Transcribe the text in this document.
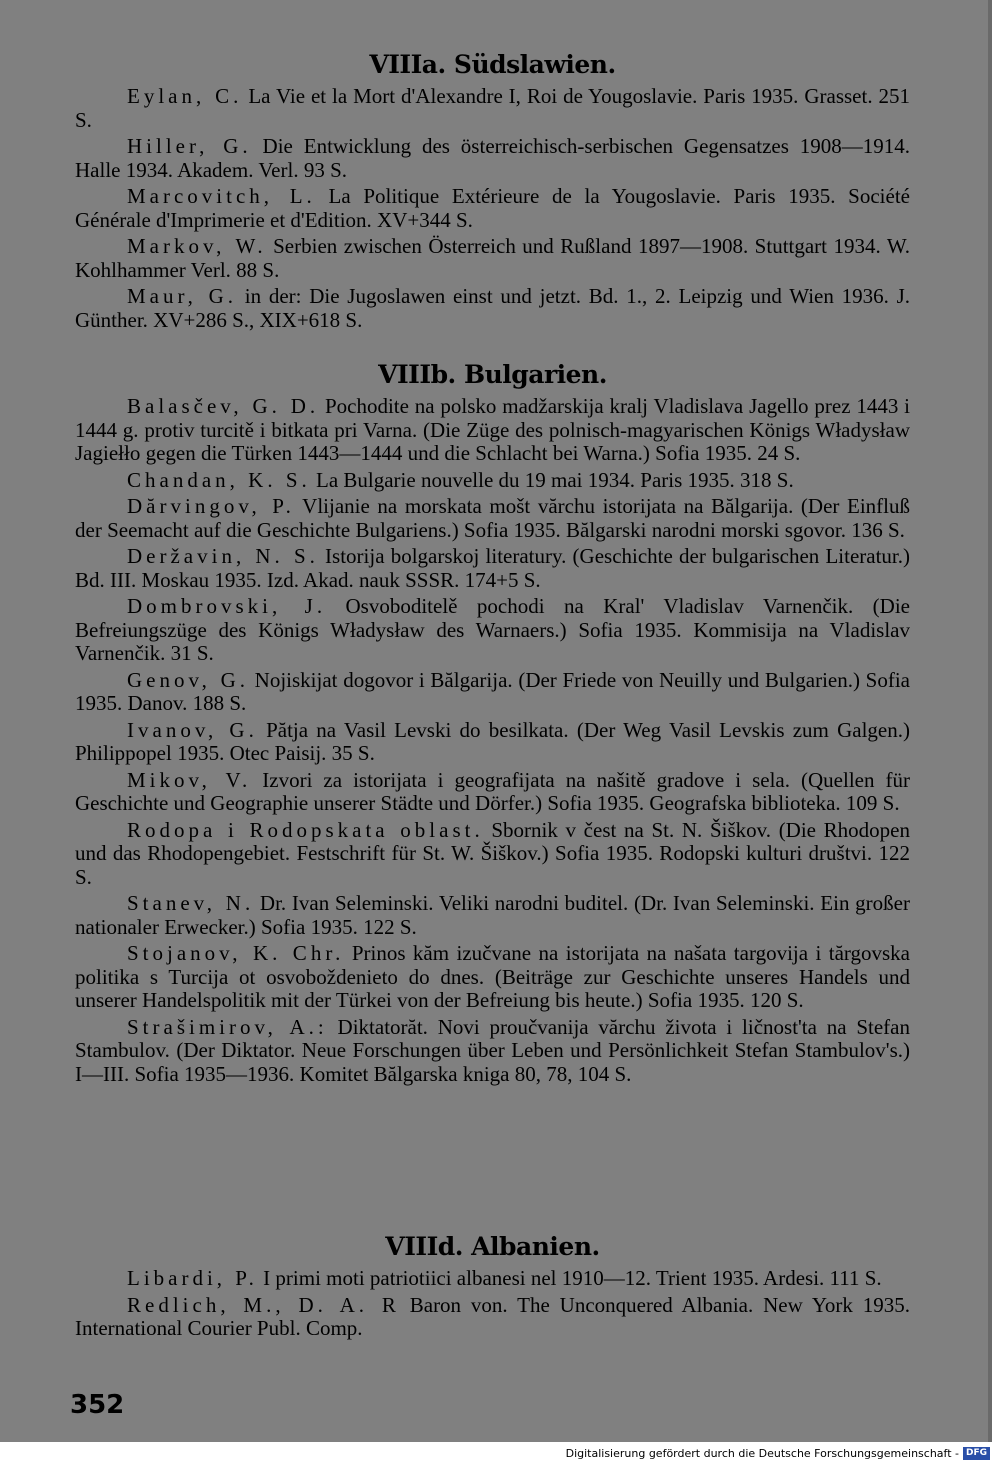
VIIIa. Südslawien.

Eylan, C. La Vie et la Mort d'Alexandre I, Roi de Yougoslavie. Paris 1935. Grasset. 251 S.

Hiller, G. Die Entwicklung des österreichisch-serbischen Gegensatzes 1908—1914. Halle 1934. Akadem. Verl. 93 S.

Marcovitch, L. La Politique Extérieure de la Yougoslavie. Paris 1935. Société Générale d'Imprimerie et d'Edition. XV+344 S.

Markov, W. Serbien zwischen Österreich und Rußland 1897—1908. Stuttgart 1934. W. Kohlhammer Verl. 88 S.

Maur, G. in der: Die Jugoslawen einst und jetzt. Bd. 1., 2. Leipzig und Wien 1936. J. Günther. XV+286 S., XIX+618 S.

VIIIb. Bulgarien.

Balasčev, G. D. Pochodite na polsko madžarskija kralj Vladislava Jagello prez 1443 i 1444 g. protiv turcitě i bitkata pri Varna. (Die Züge des polnisch-magyarischen Königs Władysław Jagiełło gegen die Türken 1443—1444 und die Schlacht bei Warna.) Sofia 1935. 24 S.

Chandan, K. S. La Bulgarie nouvelle du 19 mai 1934. Paris 1935. 318 S.

Dărvingov, P. Vlijanie na morskata mošt vărchu istorijata na Bălgarija. (Der Einfluß der Seemacht auf die Geschichte Bulgariens.) Sofia 1935. Bălgarski narodni morski sgovor. 136 S.

Deržavin, N. S. Istorija bolgarskoj literatury. (Geschichte der bulgarischen Literatur.) Bd. III. Moskau 1935. Izd. Akad. nauk SSSR. 174+5 S.

Dombrovski, J. Osvoboditelě pochodi na Kral' Vladislav Varnenčik. (Die Befreiungszüge des Königs Władysław des Warnaers.) Sofia 1935. Kommisija na Vladislav Varnenčik. 31 S.

Genov, G. Nojiskijat dogovor i Bălgarija. (Der Friede von Neuilly und Bulgarien.) Sofia 1935. Danov. 188 S.

Ivanov, G. Pătja na Vasil Levski do besilkata. (Der Weg Vasil Levskis zum Galgen.) Philippopel 1935. Otec Paisij. 35 S.

Mikov, V. Izvori za istorijata i geografijata na našitě gradove i sela. (Quellen für Geschichte und Geographie unserer Städte und Dörfer.) Sofia 1935. Geografska biblioteka. 109 S.

Rodopa i Rodopskata oblast. Sbornik v čest na St. N. Šiškov. (Die Rhodopen und das Rhodopengebiet. Festschrift für St. W. Šiškov.) Sofia 1935. Rodopski kulturi društvi. 122 S.

Stanev, N. Dr. Ivan Seleminski. Veliki narodni buditel. (Dr. Ivan Seleminski. Ein großer nationaler Erwecker.) Sofia 1935. 122 S.

Stojanov, K. Chr. Prinos kăm izučvane na istorijata na našata targovija i tărgovska politika s Turcija ot osvoboždenieto do dnes. (Beiträge zur Geschichte unseres Handels und unserer Handelspolitik mit der Türkei von der Befreiung bis heute.) Sofia 1935. 120 S.

Strašimirov, A.: Diktatorăt. Novi proučvanija vărchu života i ličnost'ta na Stefan Stambulov. (Der Diktator. Neue Forschungen über Leben und Persönlichkeit Stefan Stambulov's.) I—III. Sofia 1935—1936. Komitet Bălgarska kniga 80, 78, 104 S.

VIIId. Albanien.

Libardi, P. I primi moti patriotiici albanesi nel 1910—12. Trient 1935. Ardesi. 111 S.

Redlich, M., D. A. R Baron von. The Unconquered Albania. New York 1935. International Courier Publ. Comp.

352
Digitalisierung gefördert durch die Deutsche Forschungsgemeinschaft - DFG
